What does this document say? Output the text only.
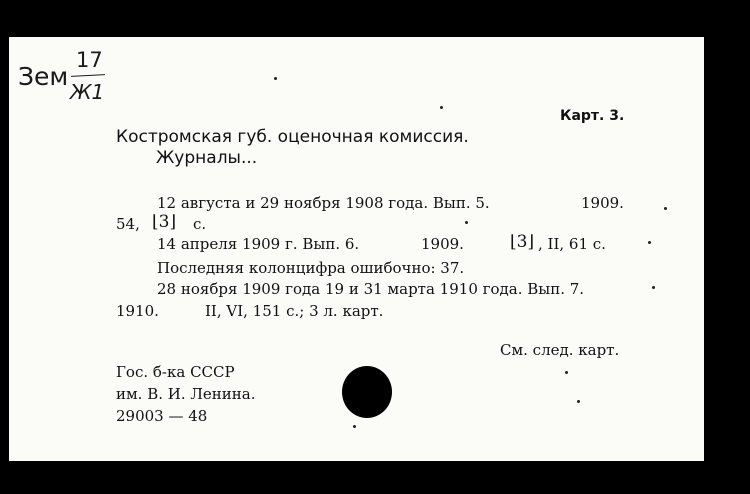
Зем
17
Ж1
Карт. 3.
Костромская губ. оценочная комиссия.
Журналы...
12 августа и 29 ноября 1908 года. Вып. 5.	1909.
54, ⌊3⌋ с.
14 апреля 1909 г. Вып. 6.	1909.	⌊3⌋ , II, 61 с.
Последняя колонцифра ошибочно: 37.
28 ноября 1909 года 19 и 31 марта 1910 года. Вып. 7.
1910.	II, VI, 151 с.; 3 л. карт.
См. след. карт.
Гос. б-ка СССР
им. В. И. Ленина.
29003 — 48
